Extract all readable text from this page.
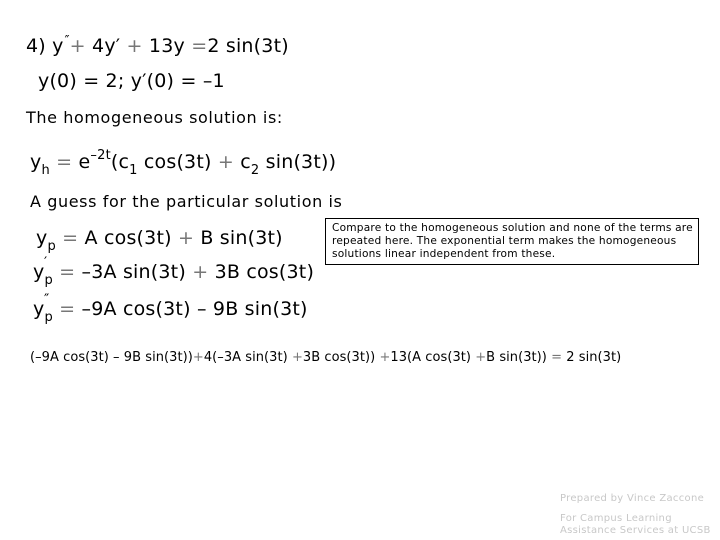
4) y″+ 4y′ + 13y =2 sin(3t)
y(0) = 2; y′(0) = –1
The homogeneous solution is:
$y_h = e^{-2t}(c_1$ $\cos(3t) + c_2$ sin(3t))
A guess for the particular solution is
$y_p = A$ cos(3t) + B sin(3t)
y ′
$_p$ = –3A sin(3t) + 3B cos(3t)
y ″
$_p$ = –9A cos(3t) – 9B sin(3t)
Compare to the homogeneous solution and none of the terms are repeated here. The exponential term makes the homogeneous solutions linear independent from these.
(–9A cos(3t) – 9B sin(3t))+4(–3A sin(3t) +3B cos(3t)) +13(A cos(3t) +B sin(3t)) = 2 sin(3t)
Prepared by Vince Zaccone
For Campus Learning
Assistance Services at UCSB
